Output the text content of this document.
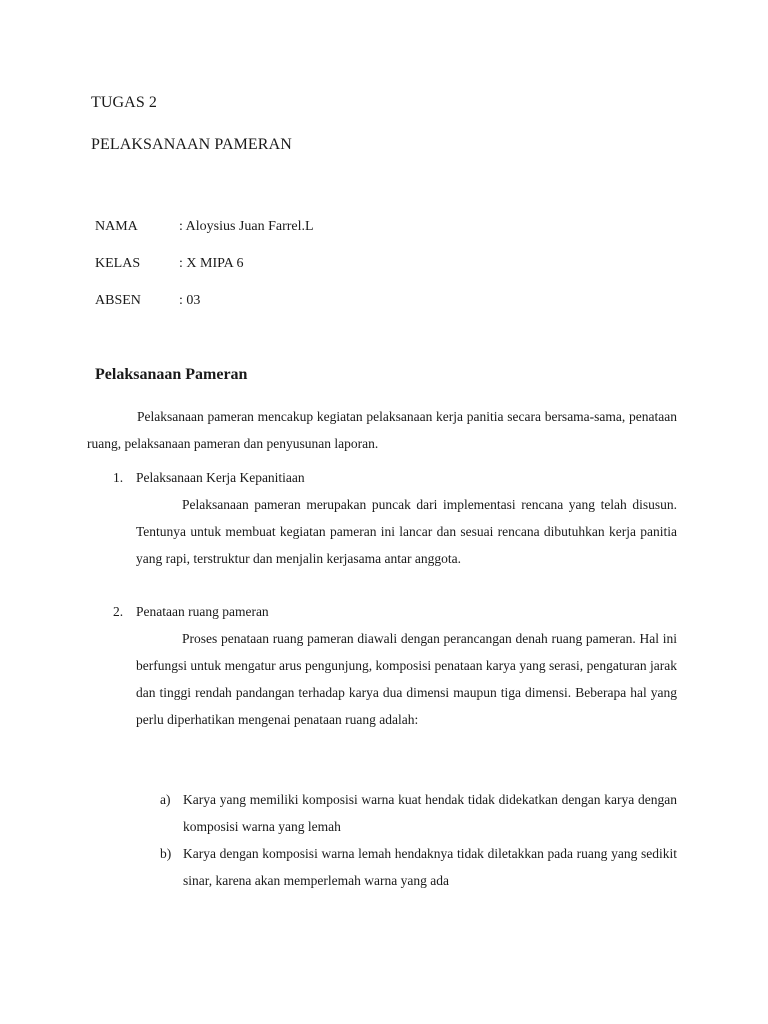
TUGAS 2
PELAKSANAAN PAMERAN
NAMA	: Aloysius Juan Farrel.L
KELAS	: X MIPA 6
ABSEN	: 03
Pelaksanaan Pameran
Pelaksanaan pameran mencakup kegiatan pelaksanaan kerja panitia secara bersama-sama, penataan ruang, pelaksanaan pameran dan penyusunan laporan.
1. Pelaksanaan Kerja Kepanitiaan
Pelaksanaan pameran merupakan puncak dari implementasi rencana yang telah disusun. Tentunya untuk membuat kegiatan pameran ini lancar dan sesuai rencana dibutuhkan kerja panitia yang rapi, terstruktur dan menjalin kerjasama antar anggota.
2. Penataan ruang pameran
Proses penataan ruang pameran diawali dengan perancangan denah ruang pameran. Hal ini berfungsi untuk mengatur arus pengunjung, komposisi penataan karya yang serasi, pengaturan jarak dan tinggi rendah pandangan terhadap karya dua dimensi maupun tiga dimensi. Beberapa hal yang perlu diperhatikan mengenai penataan ruang adalah:
a) Karya yang memiliki komposisi warna kuat hendak tidak didekatkan dengan karya dengan komposisi warna yang lemah
b) Karya dengan komposisi warna lemah hendaknya tidak diletakkan pada ruang yang sedikit sinar, karena akan memperlemah warna yang ada
